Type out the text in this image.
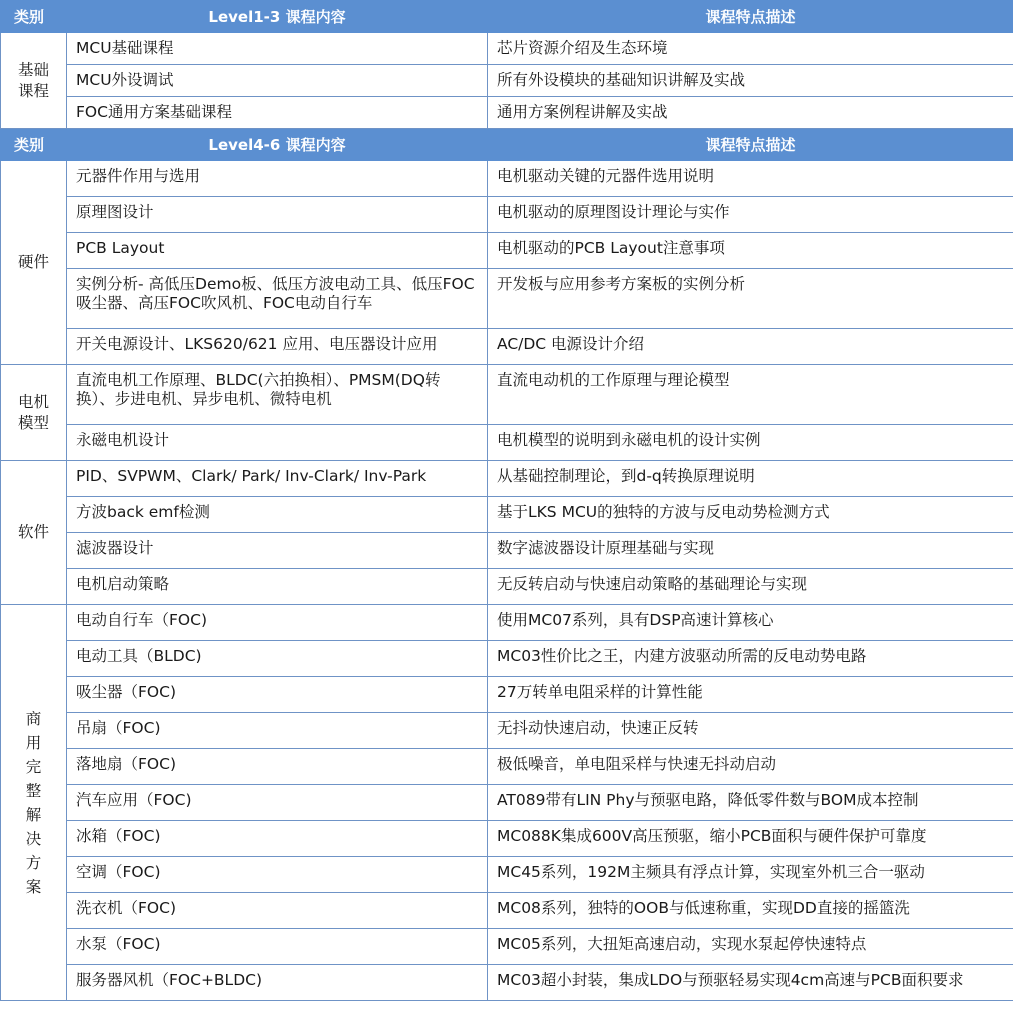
类别	Level1-3 课程内容	课程特点描述
基础课程	MCU基础课程	芯片资源介绍及生态环境
	MCU外设调试	所有外设模块的基础知识讲解及实战
	FOC通用方案基础课程	通用方案例程讲解及实战
类别	Level4-6 课程内容	课程特点描述
硬件	元器件作用与选用	电机驱动关键的元器件选用说明
	原理图设计	电机驱动的原理图设计理论与实作
	PCB Layout	电机驱动的PCB Layout注意事项
	实例分析- 高低压Demo板、低压方波电动工具、低压FOC吸尘器、高压FOC吹风机、FOC电动自行车	开发板与应用参考方案板的实例分析
	开关电源设计、LKS620/621 应用、电压器设计应用	AC/DC 电源设计介绍
电机模型	直流电机工作原理、BLDC(六拍换相）、PMSM(DQ转换）、步进电机、异步电机、微特电机	直流电动机的工作原理与理论模型
	永磁电机设计	电机模型的说明到永磁电机的设计实例
软件	PID、SVPWM、Clark/ Park/ Inv-Clark/ Inv-Park	从基础控制理论，到d-q转换原理说明
	方波back emf检测	基于LKS MCU的独特的方波与反电动势检测方式
	滤波器设计	数字滤波器设计原理基础与实现
	电机启动策略	无反转启动与快速启动策略的基础理论与实现
商用完整解决方案	电动自行车（FOC)	使用MC07系列，具有DSP高速计算核心
	电动工具（BLDC)	MC03性价比之王，内建方波驱动所需的反电动势电路
	吸尘器（FOC)	27万转单电阻采样的计算性能
	吊扇（FOC)	无抖动快速启动，快速正反转
	落地扇（FOC)	极低噪音，单电阻采样与快速无抖动启动
	汽车应用（FOC)	AT089带有LIN Phy与预驱电路，降低零件数与BOM成本控制
	冰箱（FOC)	MC088K集成600V高压预驱，缩小PCB面积与硬件保护可靠度
	空调（FOC)	MC45系列，192M主频具有浮点计算，实现室外机三合一驱动
	洗衣机（FOC)	MC08系列，独特的OOB与低速称重，实现DD直接的摇篮洗
	水泵（FOC)	MC05系列，大扭矩高速启动，实现水泵起停快速特点
	服务器风机（FOC+BLDC)	MC03超小封装，集成LDO与预驱轻易实现4cm高速与PCB面积要求
